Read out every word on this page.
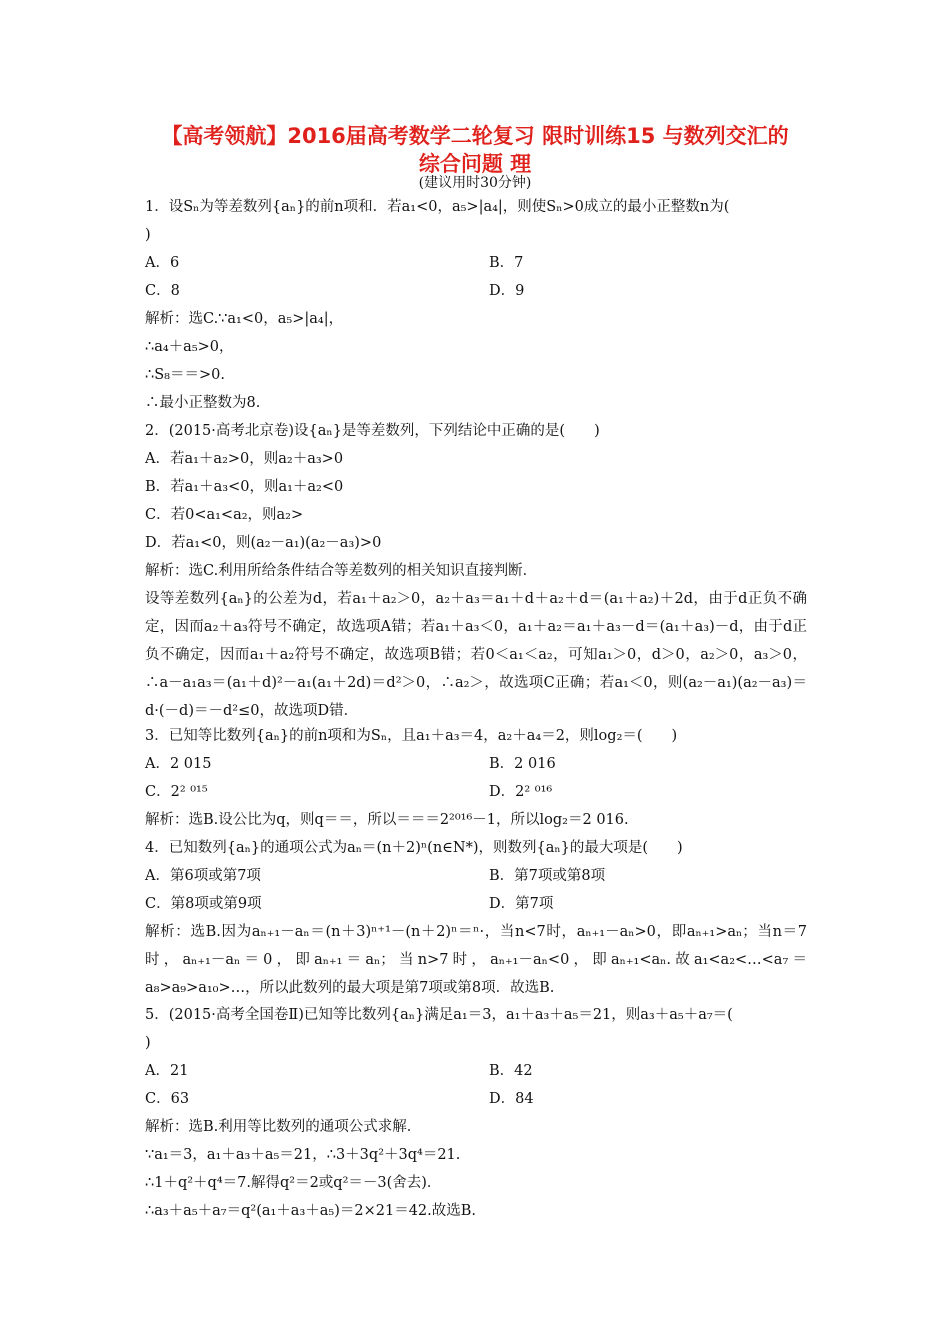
【高考领航】2016届高考数学二轮复习 限时训练15 与数列交汇的
综合问题 理
(建议用时30分钟)
1．设Sₙ为等差数列{aₙ}的前n项和．若a₁<0，a₅>|a₄|，则使Sₙ>0成立的最小正整数n为(
)
A．6	B．7
C．8	D．9
解析：选C.∵a₁<0，a₅>|a₄|，
∴a₄＋a₅>0，
∴S₈＝＝>0.
∴最小正整数为8.
2．(2015·高考北京卷)设{aₙ}是等差数列，下列结论中正确的是(　　)
A．若a₁＋a₂>0，则a₂＋a₃>0
B．若a₁＋a₃<0，则a₁＋a₂<0
C．若0<a₁<a₂，则a₂>
D．若a₁<0，则(a₂－a₁)(a₂－a₃)>0
解析：选C.利用所给条件结合等差数列的相关知识直接判断．
设等差数列{aₙ}的公差为d，若a₁＋a₂＞0，a₂＋a₃＝a₁＋d＋a₂＋d＝(a₁＋a₂)＋2d，由于d正负不确定，因而a₂＋a₃符号不确定，故选项A错；若a₁＋a₃＜0，a₁＋a₂＝a₁＋a₃－d＝(a₁＋a₃)－d，由于d正负不确定，因而a₁＋a₂符号不确定，故选项B错；若0＜a₁＜a₂，可知a₁＞0，d＞0，a₂＞0，a₃＞0，∴a－a₁a₃＝(a₁＋d)²－a₁(a₁＋2d)＝d²＞0，∴a₂＞，故选项C正确；若a₁＜0，则(a₂－a₁)(a₂－a₃)＝d·(－d)＝－d²≤0，故选项D错．
3．已知等比数列{aₙ}的前n项和为Sₙ，且a₁＋a₃＝4，a₂＋a₄＝2，则log₂＝(　　)
A．2 015	B．2 016
C．2² ⁰¹⁵	D．2² ⁰¹⁶
解析：选B.设公比为q，则q＝＝，所以＝＝＝2²⁰¹⁶－1，所以log₂＝2 016.
4．已知数列{aₙ}的通项公式为aₙ＝(n＋2)ⁿ(n∈N*)，则数列{aₙ}的最大项是(　　)
A．第6项或第7项	B．第7项或第8项
C．第8项或第9项	D．第7项
解析：选B.因为aₙ₊₁－aₙ＝(n＋3)ⁿ⁺¹－(n＋2)ⁿ＝ⁿ·，当n<7时，aₙ₊₁－aₙ>0，即aₙ₊₁>aₙ；当n＝7时，aₙ₊₁－aₙ＝0，即aₙ₊₁＝aₙ；当n>7时，aₙ₊₁－aₙ<0，即aₙ₊₁<aₙ.故a₁<a₂<…<a₇＝a₈>a₉>a₁₀>…，所以此数列的最大项是第7项或第8项．故选B.
5．(2015·高考全国卷Ⅱ)已知等比数列{aₙ}满足a₁＝3，a₁＋a₃＋a₅＝21，则a₃＋a₅＋a₇＝(
)
A．21	B．42
C．63	D．84
解析：选B.利用等比数列的通项公式求解．
∵a₁＝3，a₁＋a₃＋a₅＝21，∴3＋3q²＋3q⁴＝21.
∴1＋q²＋q⁴＝7.解得q²＝2或q²＝－3(舍去)．
∴a₃＋a₅＋a₇＝q²(a₁＋a₃＋a₅)＝2×21＝42.故选B.
